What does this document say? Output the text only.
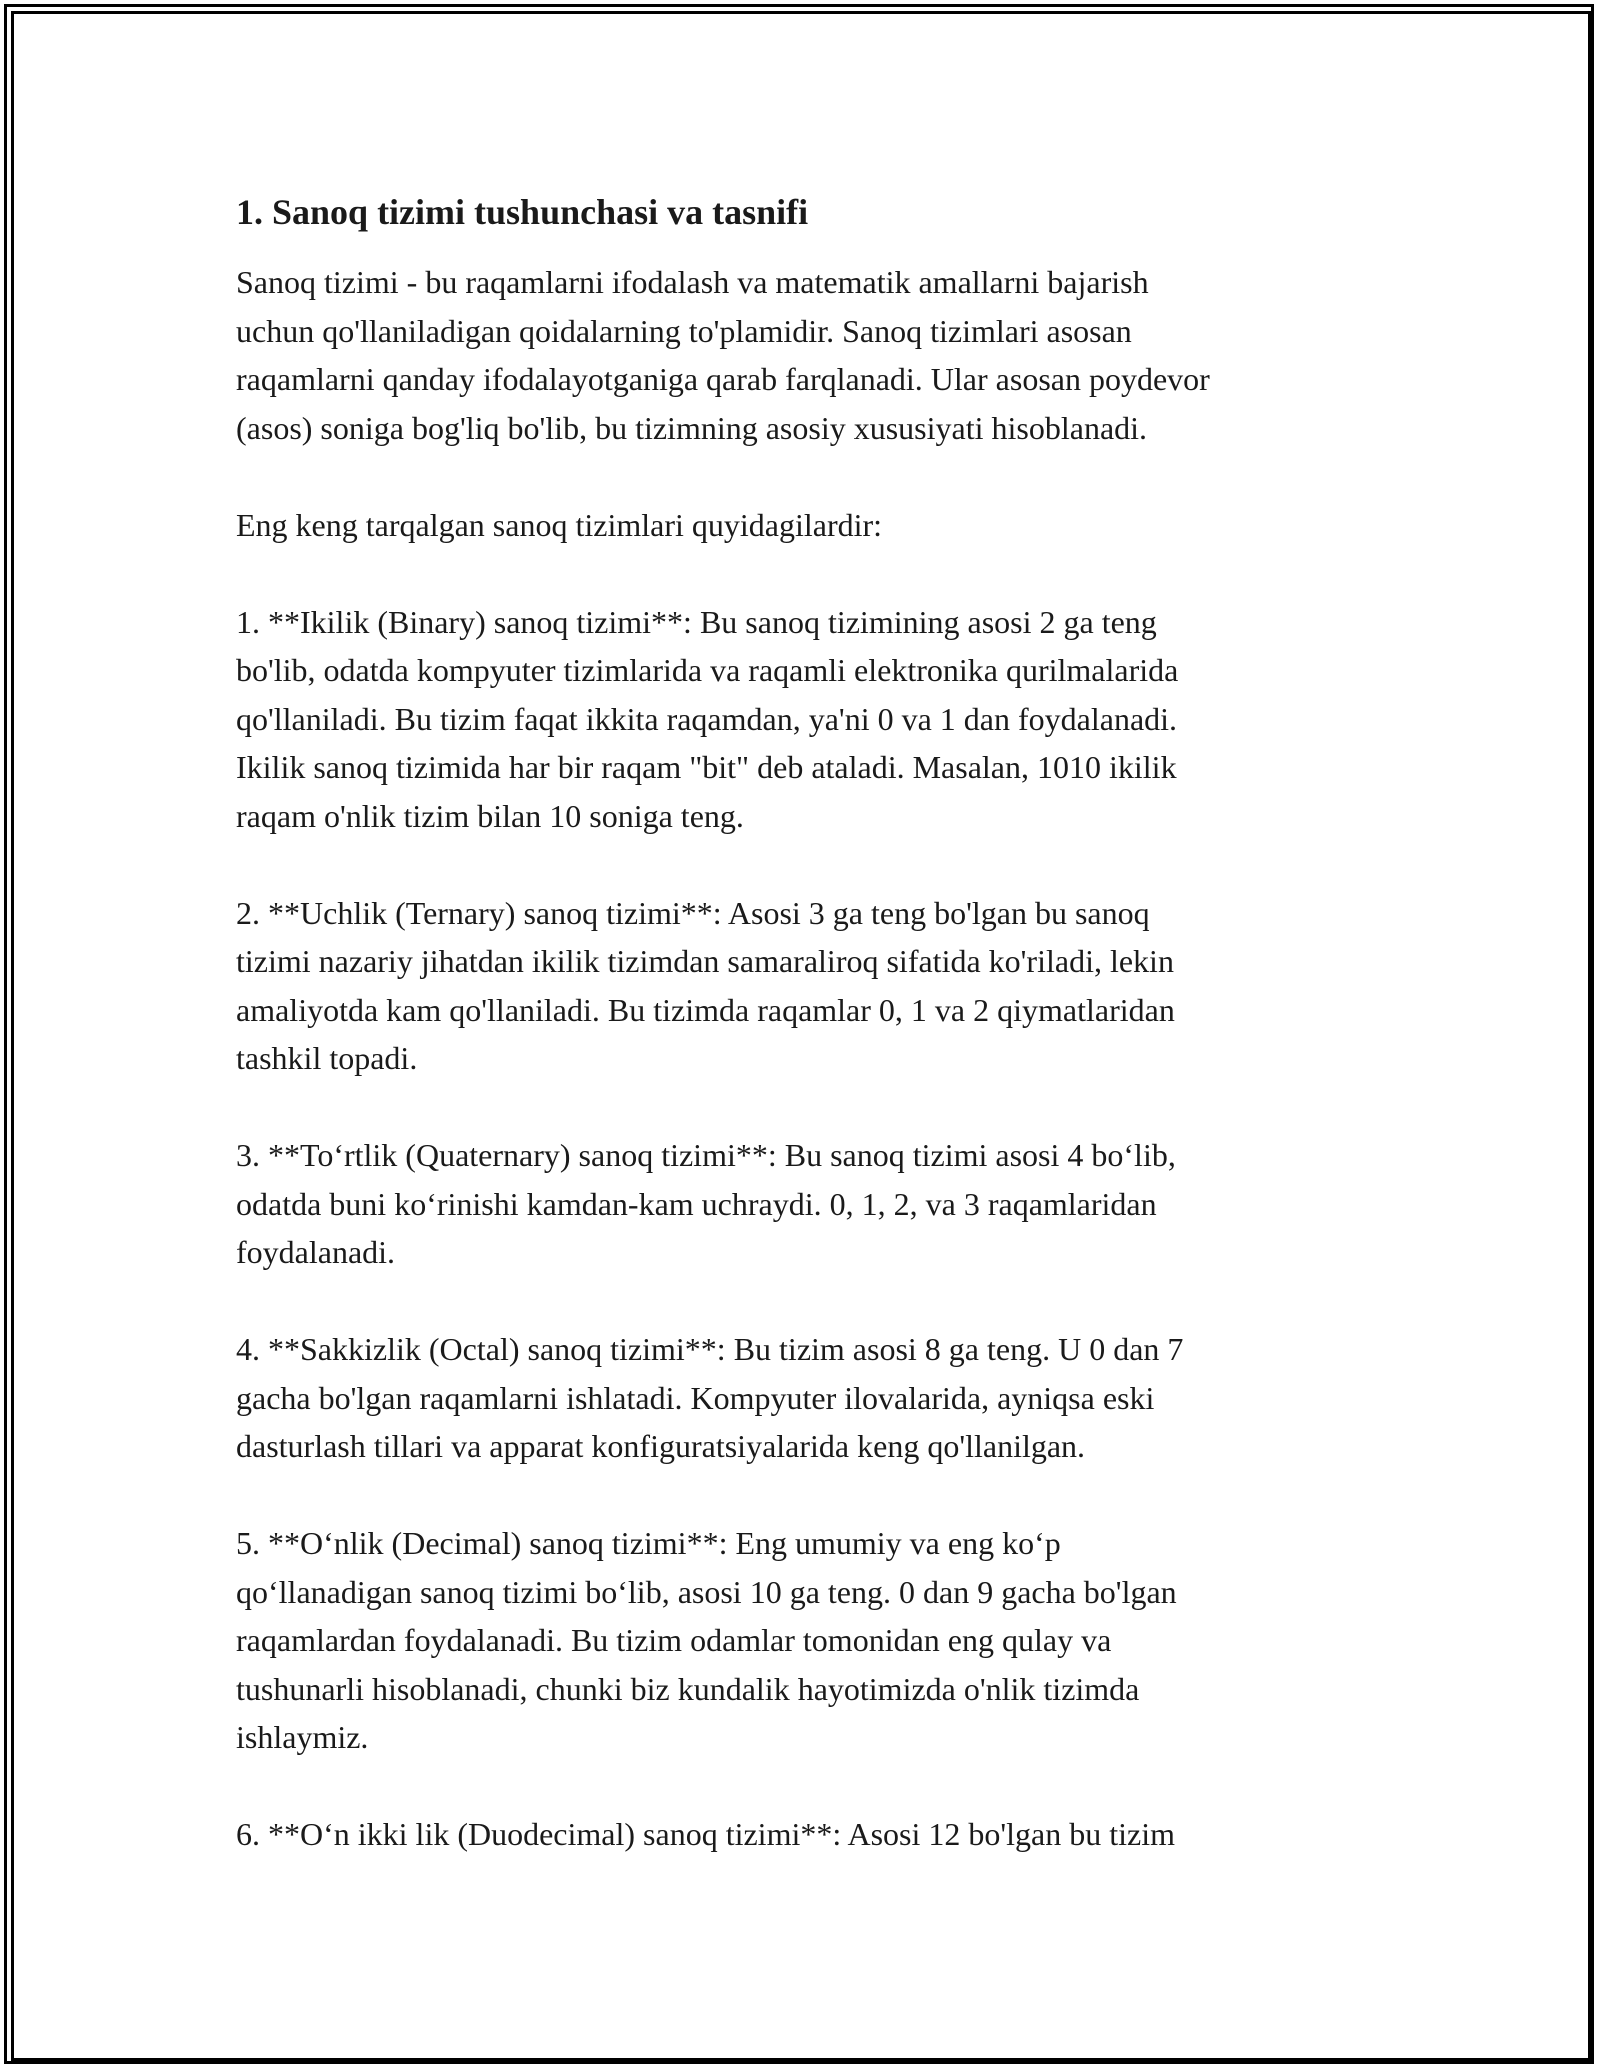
1. Sanoq tizimi tushunchasi va tasnifi

Sanoq tizimi - bu raqamlarni ifodalash va matematik amallarni bajarish
uchun qo'llaniladigan qoidalarning to'plamidir. Sanoq tizimlari asosan
raqamlarni qanday ifodalayotganiga qarab farqlanadi. Ular asosan poydevor
(asos) soniga bog'liq bo'lib, bu tizimning asosiy xususiyati hisoblanadi.

Eng keng tarqalgan sanoq tizimlari quyidagilardir:

1. **Ikilik (Binary) sanoq tizimi**: Bu sanoq tizimining asosi 2 ga teng
bo'lib, odatda kompyuter tizimlarida va raqamli elektronika qurilmalarida
qo'llaniladi. Bu tizim faqat ikkita raqamdan, ya'ni 0 va 1 dan foydalanadi.
Ikilik sanoq tizimida har bir raqam "bit" deb ataladi. Masalan, 1010 ikilik
raqam o'nlik tizim bilan 10 soniga teng.

2. **Uchlik (Ternary) sanoq tizimi**: Asosi 3 ga teng bo'lgan bu sanoq
tizimi nazariy jihatdan ikilik tizimdan samaraliroq sifatida ko'riladi, lekin
amaliyotda kam qo'llaniladi. Bu tizimda raqamlar 0, 1 va 2 qiymatlaridan
tashkil topadi.

3. **To‘rtlik (Quaternary) sanoq tizimi**: Bu sanoq tizimi asosi 4 bo‘lib,
odatda buni ko‘rinishi kamdan-kam uchraydi. 0, 1, 2, va 3 raqamlaridan
foydalanadi.

4. **Sakkizlik (Octal) sanoq tizimi**: Bu tizim asosi 8 ga teng. U 0 dan 7
gacha bo'lgan raqamlarni ishlatadi. Kompyuter ilovalarida, ayniqsa eski
dasturlash tillari va apparat konfiguratsiyalarida keng qo'llanilgan.

5. **O‘nlik (Decimal) sanoq tizimi**: Eng umumiy va eng ko‘p
qo‘llanadigan sanoq tizimi bo‘lib, asosi 10 ga teng. 0 dan 9 gacha bo'lgan
raqamlardan foydalanadi. Bu tizim odamlar tomonidan eng qulay va
tushunarli hisoblanadi, chunki biz kundalik hayotimizda o'nlik tizimda
ishlaymiz.

6. **O‘n ikki lik (Duodecimal) sanoq tizimi**: Asosi 12 bo'lgan bu tizim
